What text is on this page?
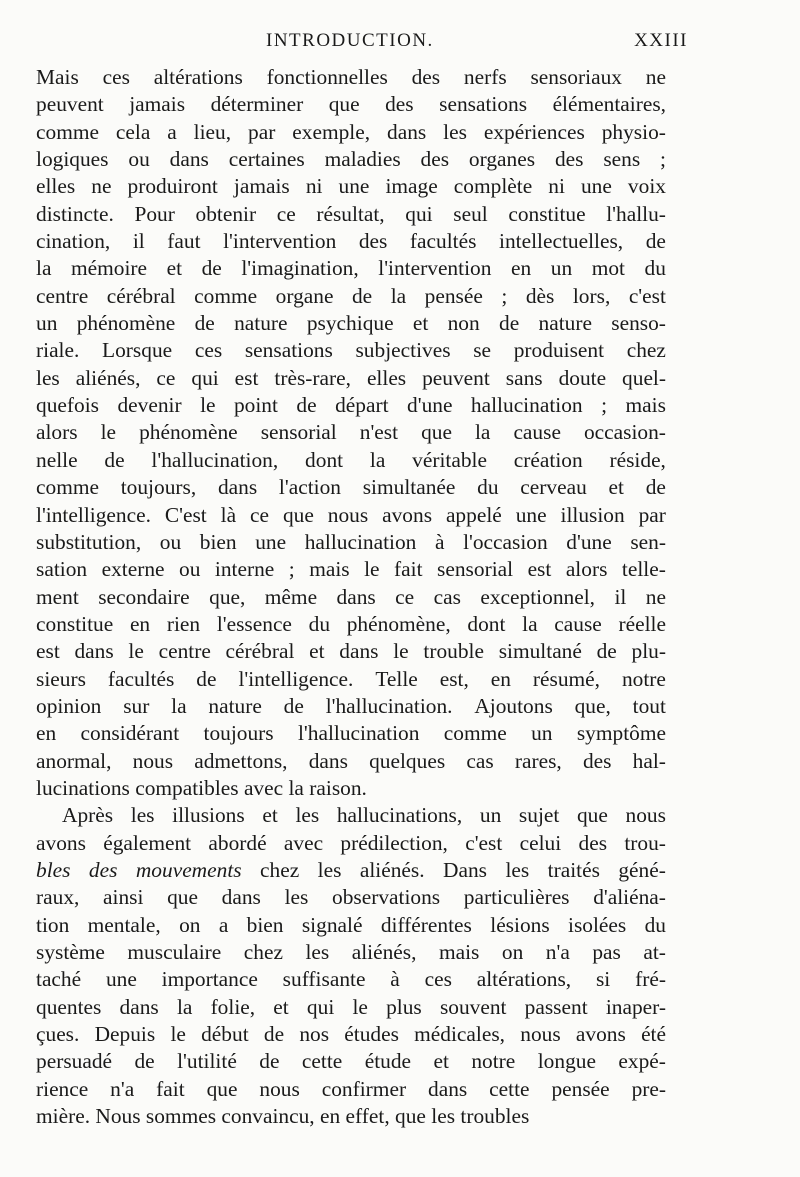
INTRODUCTION.	XXIII
Mais ces altérations fonctionnelles des nerfs sensoriaux ne
peuvent jamais déterminer que des sensations élémentaires,
comme cela a lieu, par exemple, dans les expériences physio-
logiques ou dans certaines maladies des organes des sens ;
elles ne produiront jamais ni une image complète ni une voix
distincte. Pour obtenir ce résultat, qui seul constitue l'hallu-
cination, il faut l'intervention des facultés intellectuelles, de
la mémoire et de l'imagination, l'intervention en un mot du
centre cérébral comme organe de la pensée ; dès lors, c'est
un phénomène de nature psychique et non de nature senso-
riale. Lorsque ces sensations subjectives se produisent chez
les aliénés, ce qui est très-rare, elles peuvent sans doute quel-
quefois devenir le point de départ d'une hallucination ; mais
alors le phénomène sensorial n'est que la cause occasion-
nelle de l'hallucination, dont la véritable création réside,
comme toujours, dans l'action simultanée du cerveau et de
l'intelligence. C'est là ce que nous avons appelé une illusion par
substitution, ou bien une hallucination à l'occasion d'une sen-
sation externe ou interne ; mais le fait sensorial est alors telle-
ment secondaire que, même dans ce cas exceptionnel, il ne
constitue en rien l'essence du phénomène, dont la cause réelle
est dans le centre cérébral et dans le trouble simultané de plu-
sieurs facultés de l'intelligence. Telle est, en résumé, notre
opinion sur la nature de l'hallucination. Ajoutons que, tout
en considérant toujours l'hallucination comme un symptôme
anormal, nous admettons, dans quelques cas rares, des hal-
lucinations compatibles avec la raison.
Après les illusions et les hallucinations, un sujet que nous
avons également abordé avec prédilection, c'est celui des trou-
bles des mouvements chez les aliénés. Dans les traités géné-
raux, ainsi que dans les observations particulières d'aliéna-
tion mentale, on a bien signalé différentes lésions isolées du
système musculaire chez les aliénés, mais on n'a pas at-
taché une importance suffisante à ces altérations, si fré-
quentes dans la folie, et qui le plus souvent passent inaper-
çues. Depuis le début de nos études médicales, nous avons été
persuadé de l'utilité de cette étude et notre longue expé-
rience n'a fait que nous confirmer dans cette pensée pre-
mière. Nous sommes convaincu, en effet, que les troubles
